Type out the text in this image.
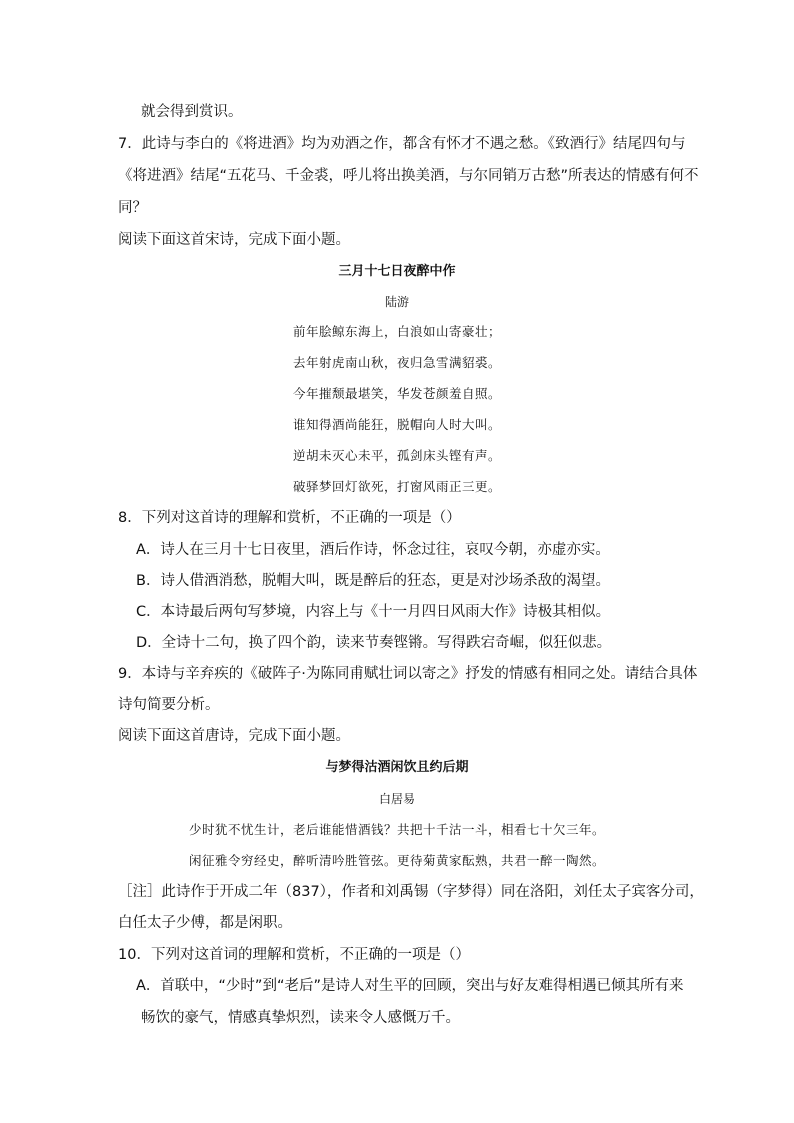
就会得到赏识。
7．此诗与李白的《将进酒》均为劝酒之作，都含有怀才不遇之愁。《致酒行》结尾四句与
《将进酒》结尾“五花马、千金裘，呼儿将出换美酒，与尔同销万古愁”所表达的情感有何不
同？
阅读下面这首宋诗，完成下面小题。
三月十七日夜醉中作
陆游
前年脍鲸东海上，白浪如山寄豪壮；
去年射虎南山秋，夜归急雪满貂裘。
今年摧颓最堪笑，华发苍颜羞自照。
谁知得酒尚能狂，脱帽向人时大叫。
逆胡未灭心未平，孤剑床头铿有声。
破驿梦回灯欲死，打窗风雨正三更。
8．下列对这首诗的理解和赏析，不正确的一项是（）
A．诗人在三月十七日夜里，酒后作诗，怀念过往，哀叹今朝，亦虚亦实。
B．诗人借酒消愁，脱帽大叫，既是醉后的狂态，更是对沙场杀敌的渴望。
C．本诗最后两句写梦境，内容上与《十一月四日风雨大作》诗极其相似。
D．全诗十二句，换了四个韵，读来节奏铿锵。写得跌宕奇崛，似狂似悲。
9．本诗与辛弃疾的《破阵子·为陈同甫赋壮词以寄之》抒发的情感有相同之处。请结合具体
诗句简要分析。
阅读下面这首唐诗，完成下面小题。
与梦得沽酒闲饮且约后期
白居易
少时犹不忧生计，老后谁能惜酒钱？共把十千沽一斗，相看七十欠三年。
闲征雅令穷经史，醉听清吟胜管弦。更待菊黄家酝熟，共君一醉一陶然。
［注］此诗作于开成二年（837），作者和刘禹锡（字梦得）同在洛阳，刘任太子宾客分司，
白任太子少傅，都是闲职。
10．下列对这首词的理解和赏析，不正确的一项是（）
A．首联中，“少时”到“老后”是诗人对生平的回顾，突出与好友难得相遇已倾其所有来
畅饮的豪气，情感真挚炽烈，读来令人感慨万千。
